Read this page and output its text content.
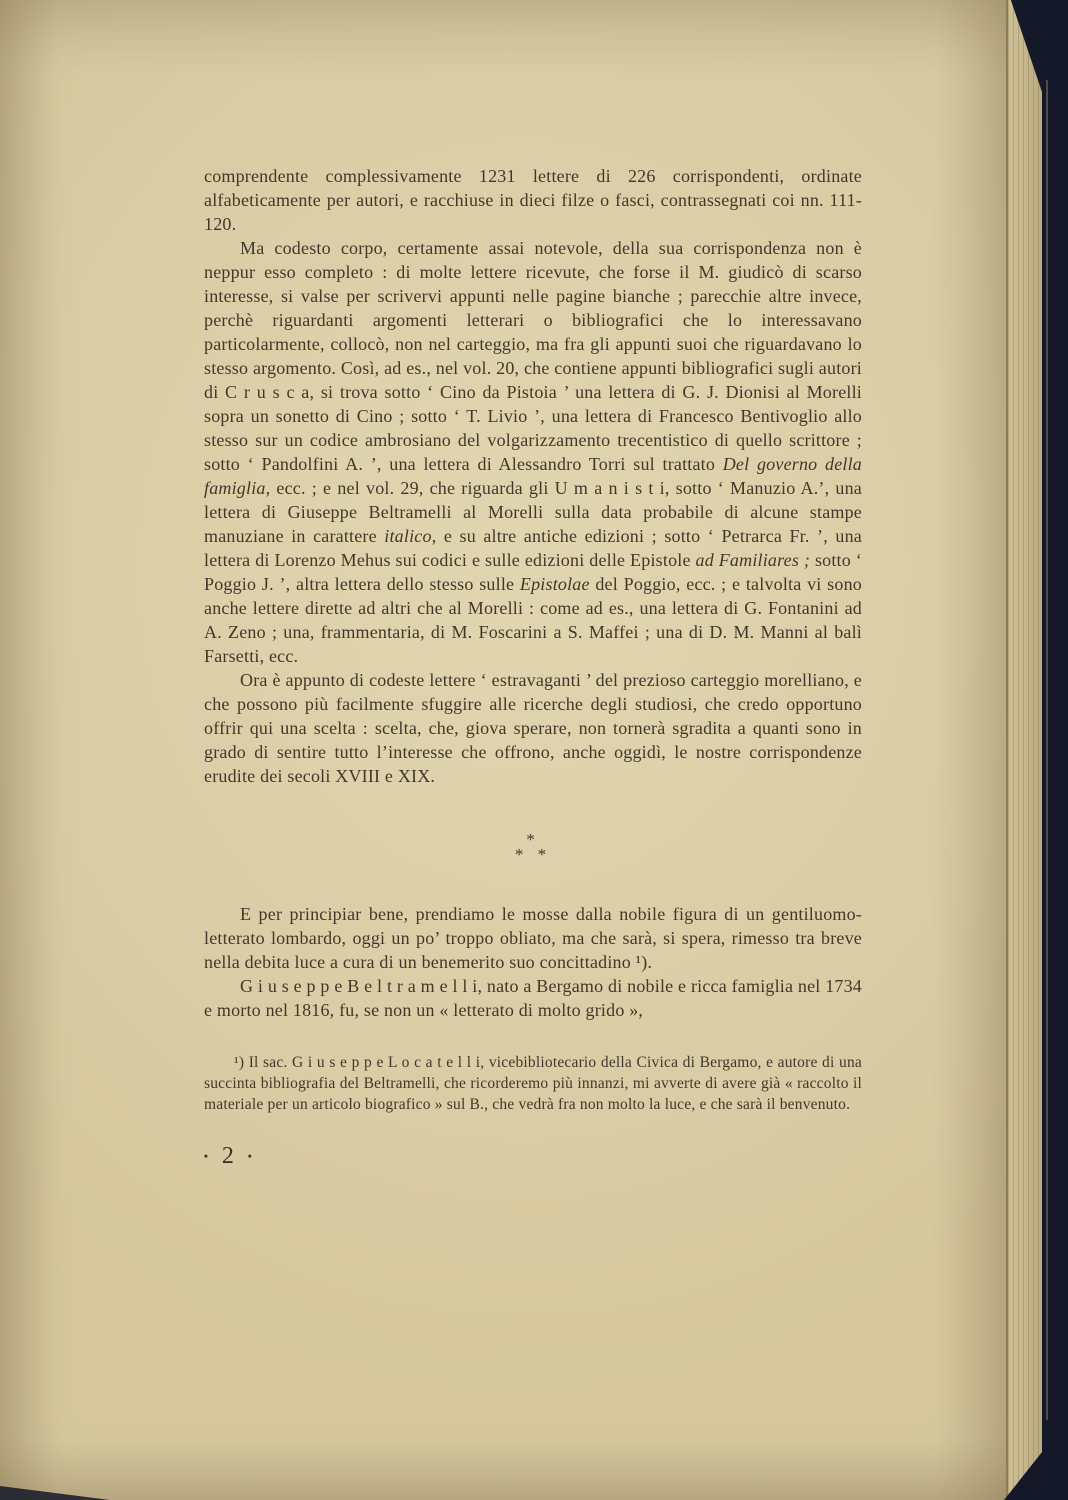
comprendente complessivamente 1231 lettere di 226 corrispondenti, ordinate alfabeticamente per autori, e racchiuse in dieci filze o fasci, contrassegnati coi nn. 111-120.

Ma codesto corpo, certamente assai notevole, della sua corrispondenza non è neppur esso completo : di molte lettere ricevute, che forse il M. giudicò di scarso interesse, si valse per scrivervi appunti nelle pagine bianche ; parecchie altre invece, perchè riguardanti argomenti letterari o bibliografici che lo interessavano particolarmente, collocò, non nel carteggio, ma fra gli appunti suoi che riguardavano lo stesso argomento. Così, ad es., nel vol. 20, che contiene appunti bibliografici sugli autori di C r u s c a, si trova sotto ‘ Cino da Pistoia ’ una lettera di G. J. Dionisi al Morelli sopra un sonetto di Cino ; sotto ‘ T. Livio ’, una lettera di Francesco Bentivoglio allo stesso sur un codice ambrosiano del volgarizzamento trecentistico di quello scrittore ; sotto ‘ Pandolfini A. ’, una lettera di Alessandro Torri sul trattato Del governo della famiglia, ecc. ; e nel vol. 29, che riguarda gli U m a n i s t i, sotto ‘ Manuzio A.’, una lettera di Giuseppe Beltramelli al Morelli sulla data probabile di alcune stampe manuziane in carattere italico, e su altre antiche edizioni ; sotto ‘ Petrarca Fr. ’, una lettera di Lorenzo Mehus sui codici e sulle edizioni delle Epistole ad Familiares ; sotto ‘ Poggio J. ’, altra lettera dello stesso sulle Epistolae del Poggio, ecc. ; e talvolta vi sono anche lettere dirette ad altri che al Morelli : come ad es., una lettera di G. Fontanini ad A. Zeno ; una, frammentaria, di M. Foscarini a S. Maffei ; una di D. M. Manni al balì Farsetti, ecc.

Ora è appunto di codeste lettere ‘ estravaganti ’ del prezioso carteggio morelliano, e che possono più facilmente sfuggire alle ricerche degli studiosi, che credo opportuno offrir qui una scelta : scelta, che, giova sperare, non tornerà sgradita a quanti sono in grado di sentire tutto l’interesse che offrono, anche oggidì, le nostre corrispondenze erudite dei secoli XVIII e XIX.

*
* *

E per principiar bene, prendiamo le mosse dalla nobile figura di un gentiluomo-letterato lombardo, oggi un po’ troppo obliato, ma che sarà, si spera, rimesso tra breve nella debita luce a cura di un benemerito suo concittadino ¹).

G i u s e p p e B e l t r a m e l l i, nato a Bergamo di nobile e ricca famiglia nel 1734 e morto nel 1816, fu, se non un « letterato di molto grido »,

¹) Il sac. G i u s e p p e L o c a t e l l i, vicebibliotecario della Civica di Bergamo, e autore di una succinta bibliografia del Beltramelli, che ricorderemo più innanzi, mi avverte di avere già « raccolto il materiale per un articolo biografico » sul B., che vedrà fra non molto la luce, e che sarà il benvenuto.

▪ 2 ▪
